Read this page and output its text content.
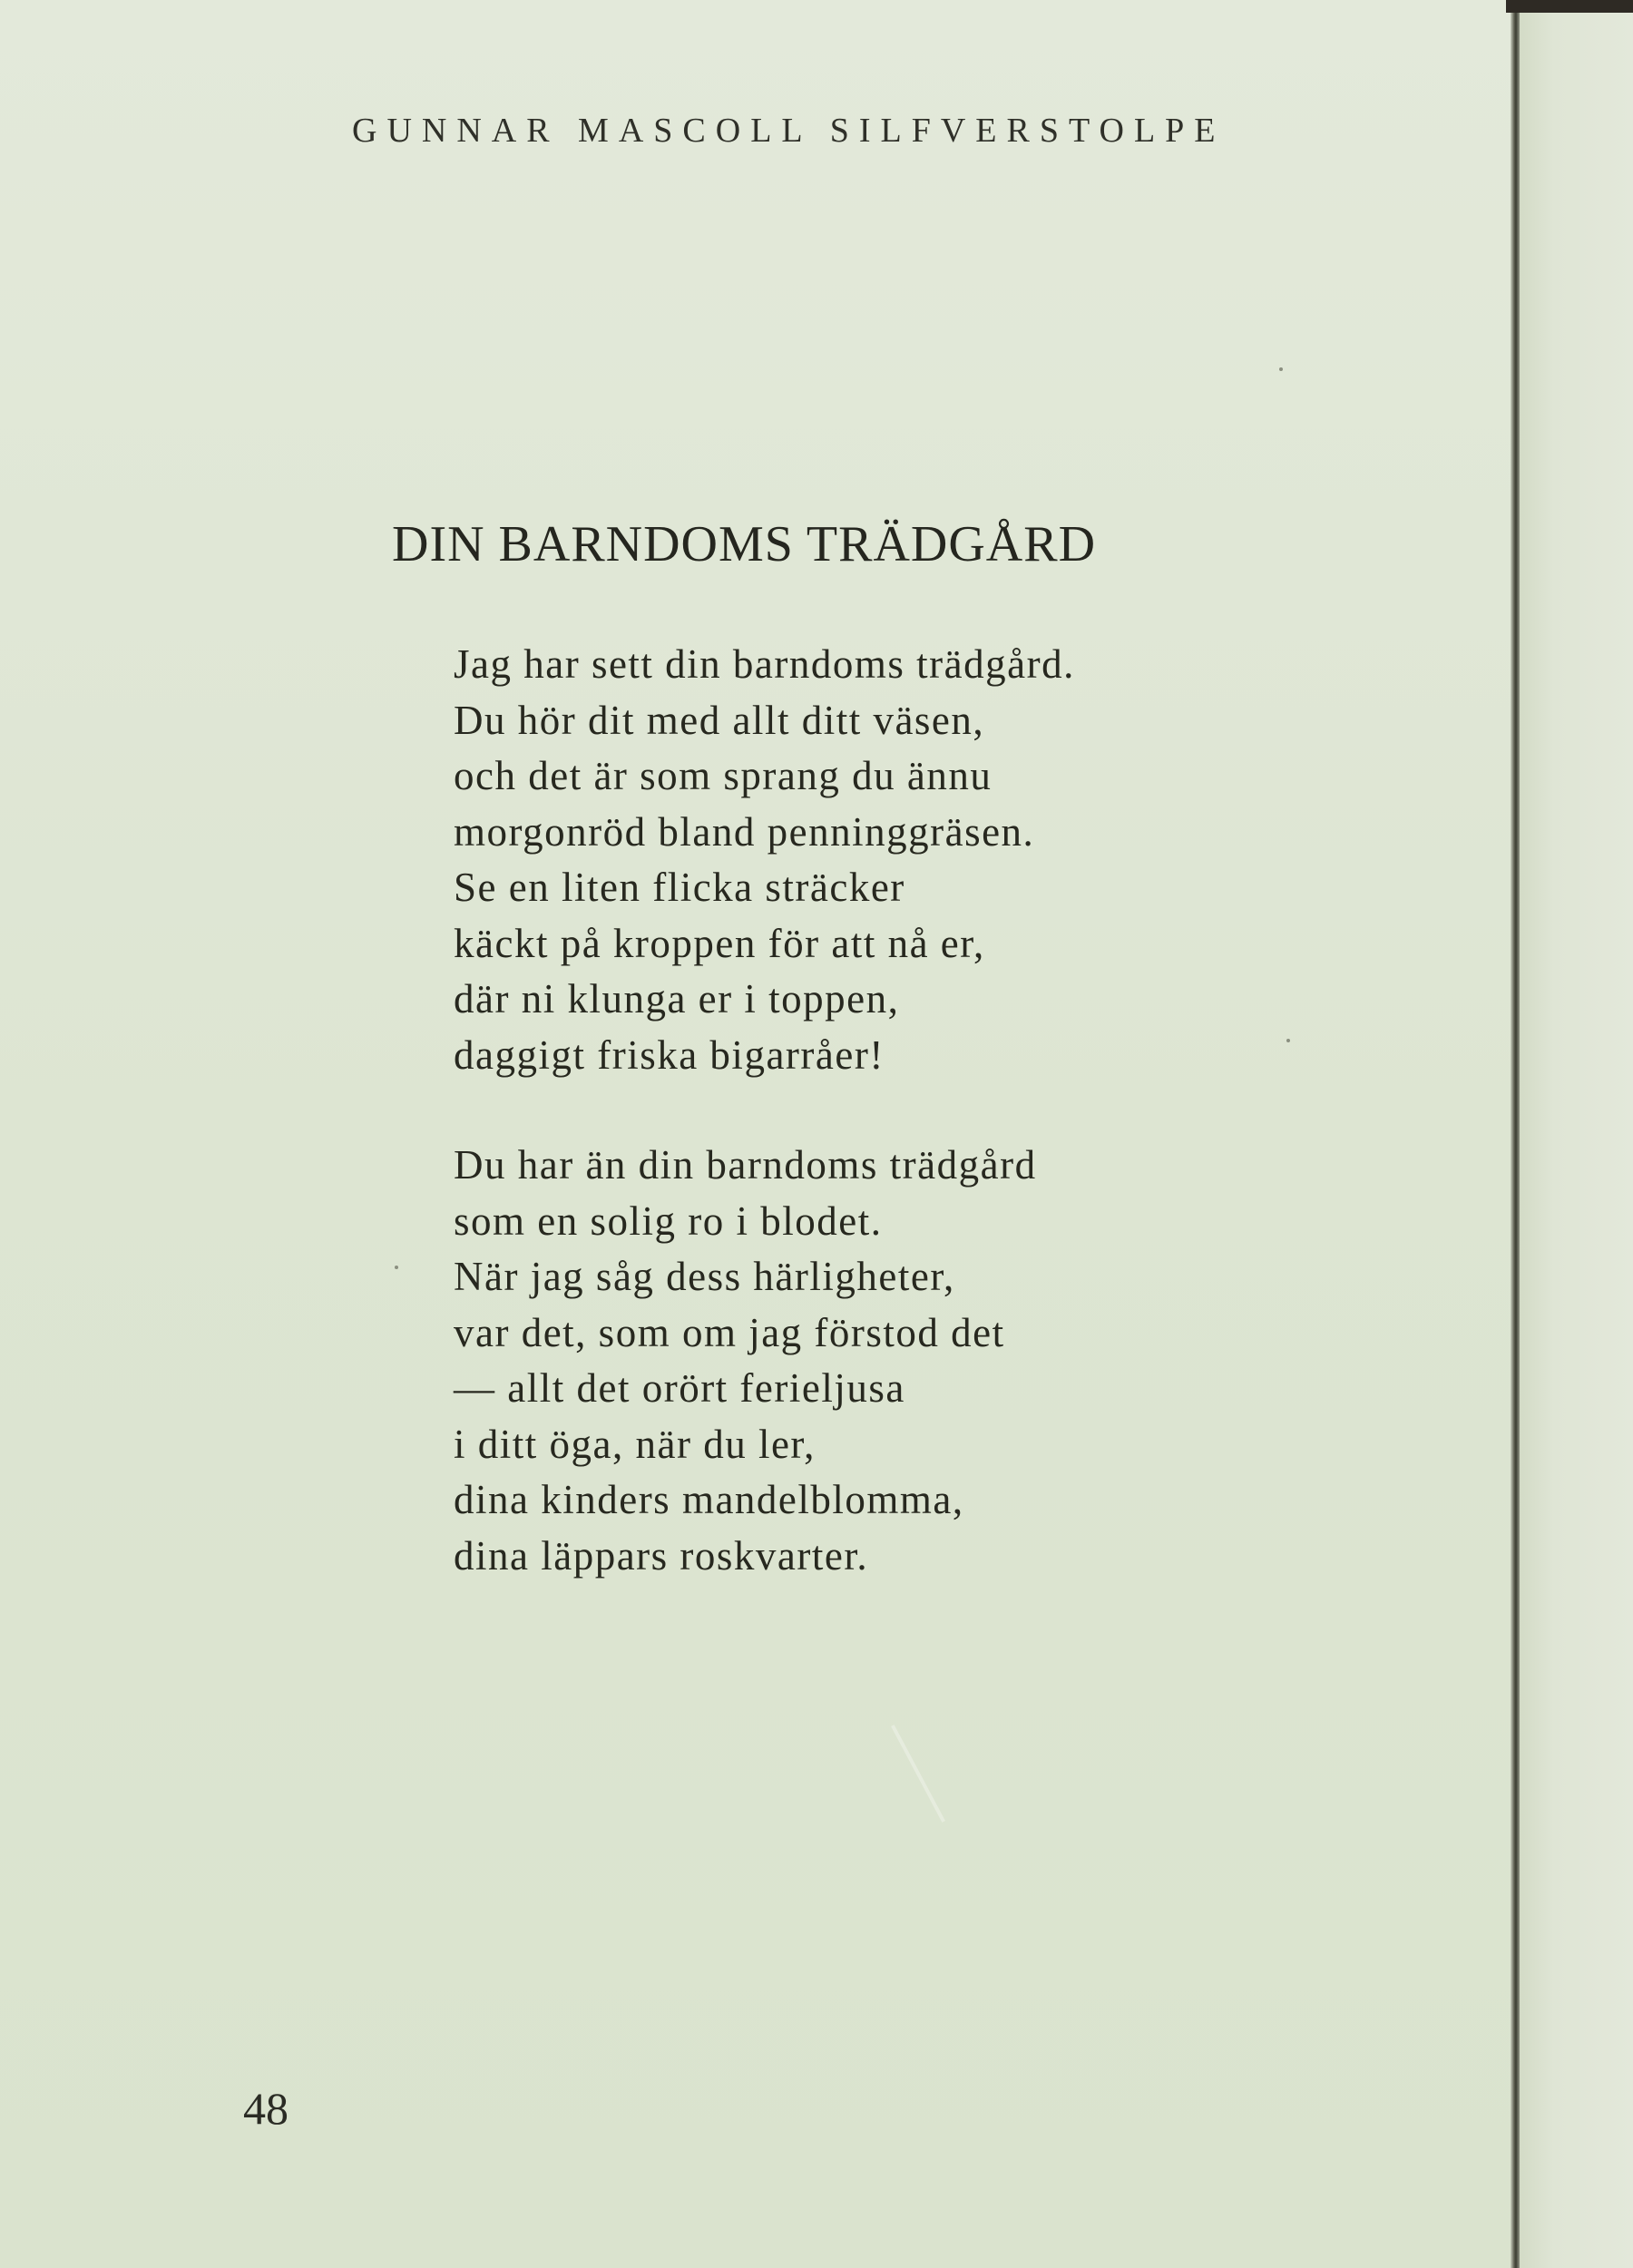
GUNNAR MASCOLL SILFVERSTOLPE
DIN BARNDOMS TRÄDGÅRD
Jag har sett din barndoms trädgård.
Du hör dit med allt ditt väsen,
och det är som sprang du ännu
morgonröd bland penninggräsen.
Se en liten flicka sträcker
käckt på kroppen för att nå er,
där ni klunga er i toppen,
daggigt friska bigarråer!
Du har än din barndoms trädgård
som en solig ro i blodet.
När jag såg dess härligheter,
var det, som om jag förstod det
— allt det orört ferieljusa
i ditt öga, när du ler,
dina kinders mandelblomma,
dina läppars roskvarter.
48
